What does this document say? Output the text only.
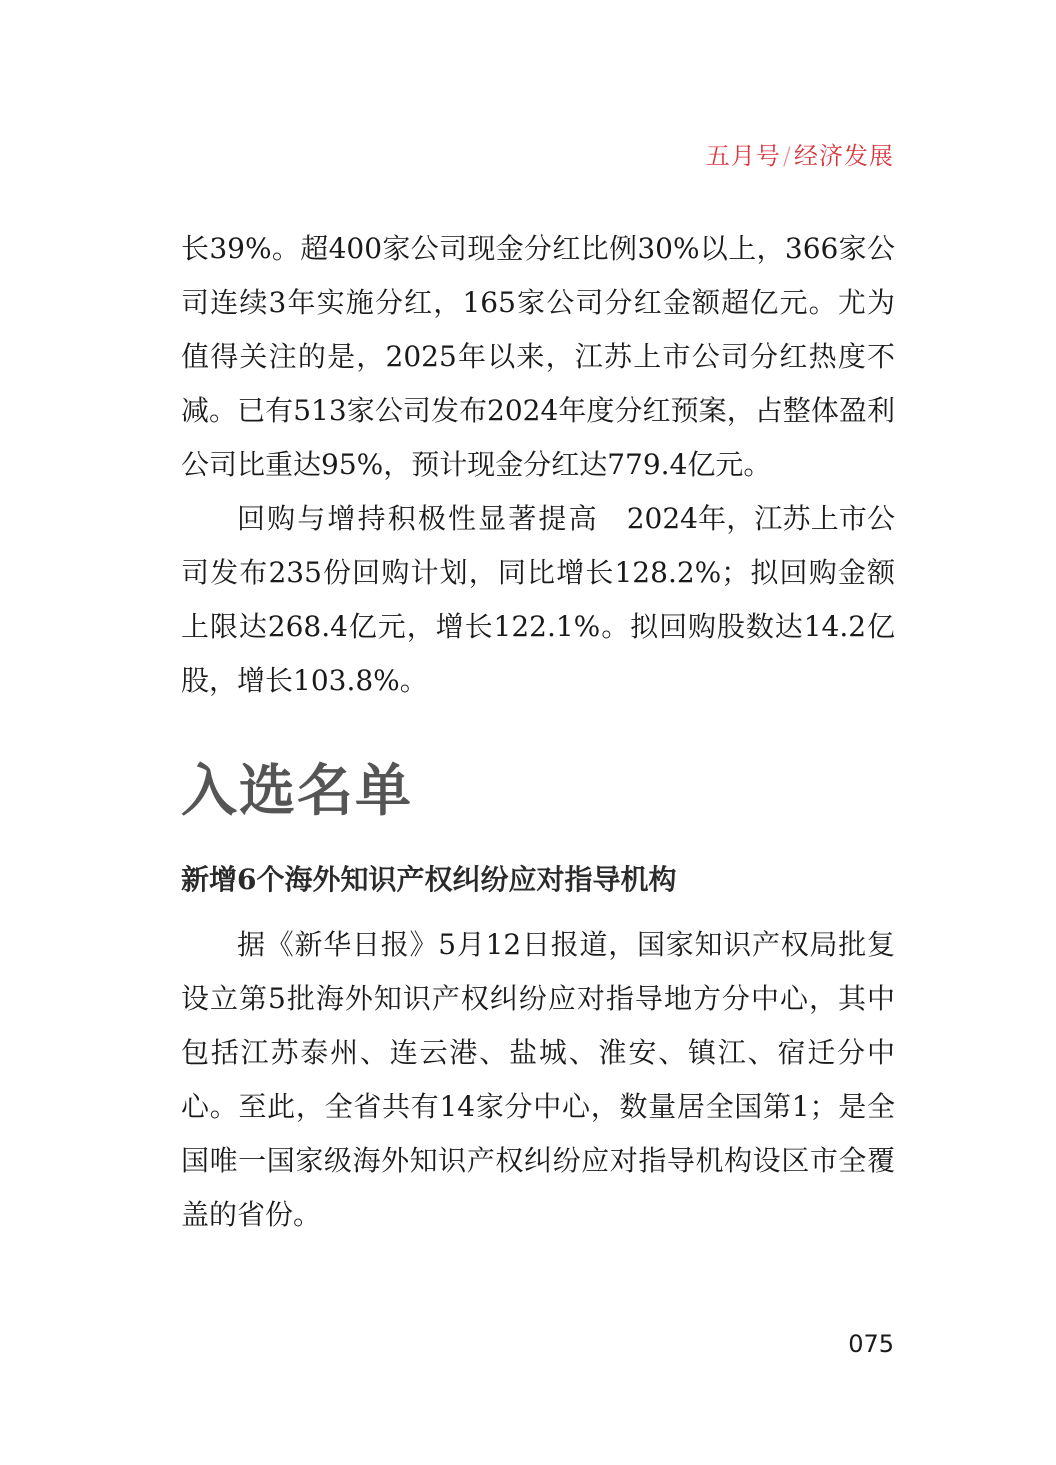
五月号/经济发展

长39%。超400家公司现金分红比例30%以上，366家公司连续3年实施分红，165家公司分红金额超亿元。尤为值得关注的是，2025年以来，江苏上市公司分红热度不减。已有513家公司发布2024年度分红预案，占整体盈利公司比重达95%，预计现金分红达779.4亿元。

回购与增持积极性显著提高 2024年，江苏上市公司发布235份回购计划，同比增长128.2%；拟回购金额上限达268.4亿元，增长122.1%。拟回购股数达14.2亿股，增长103.8%。

入选名单
新增6个海外知识产权纠纷应对指导机构

据《新华日报》5月12日报道，国家知识产权局批复设立第5批海外知识产权纠纷应对指导地方分中心，其中包括江苏泰州、连云港、盐城、淮安、镇江、宿迁分中心。至此，全省共有14家分中心，数量居全国第1；是全国唯一国家级海外知识产权纠纷应对指导机构设区市全覆盖的省份。

075
